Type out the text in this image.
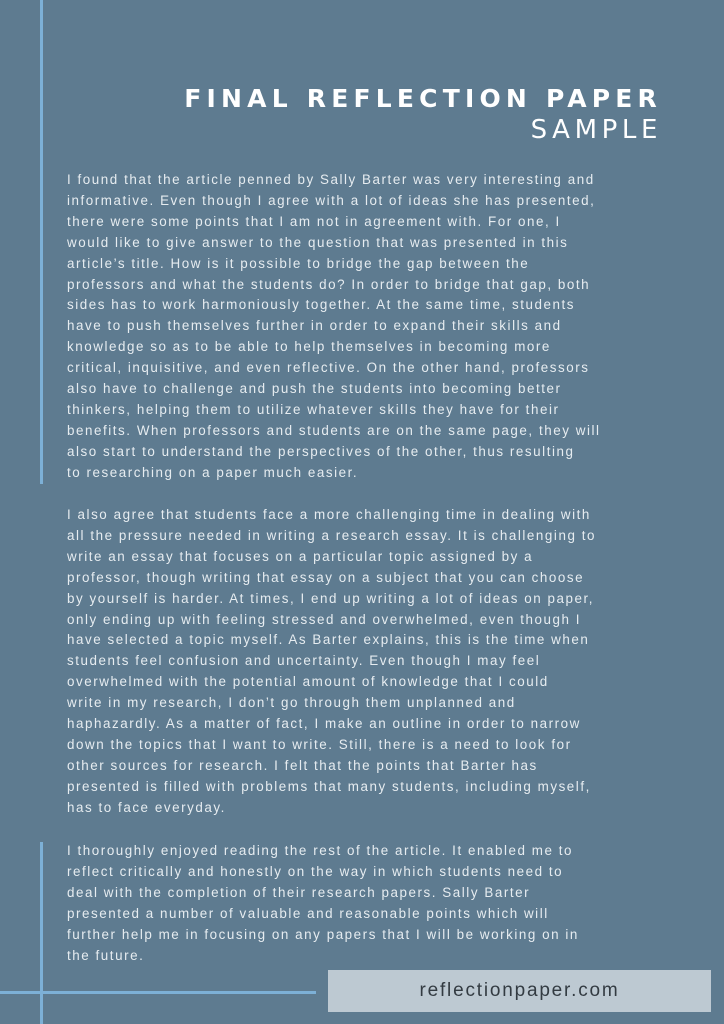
FINAL REFLECTION PAPER
SAMPLE
I found that the article penned by Sally Barter was very interesting and
informative. Even though I agree with a lot of ideas she has presented,
there were some points that I am not in agreement with. For one, I
would like to give answer to the question that was presented in this
article’s title. How is it possible to bridge the gap between the
professors and what the students do? In order to bridge that gap, both
sides has to work harmoniously together. At the same time, students
have to push themselves further in order to expand their skills and
knowledge so as to be able to help themselves in becoming more
critical, inquisitive, and even reflective. On the other hand, professors
also have to challenge and push the students into becoming better
thinkers, helping them to utilize whatever skills they have for their
benefits. When professors and students are on the same page, they will
also start to understand the perspectives of the other, thus resulting
to researching on a paper much easier.
I also agree that students face a more challenging time in dealing with
all the pressure needed in writing a research essay. It is challenging to
write an essay that focuses on a particular topic assigned by a
professor, though writing that essay on a subject that you can choose
by yourself is harder. At times, I end up writing a lot of ideas on paper,
only ending up with feeling stressed and overwhelmed, even though I
have selected a topic myself. As Barter explains, this is the time when
students feel confusion and uncertainty. Even though I may feel
overwhelmed with the potential amount of knowledge that I could
write in my research, I don’t go through them unplanned and
haphazardly. As a matter of fact, I make an outline in order to narrow
down the topics that I want to write. Still, there is a need to look for
other sources for research. I felt that the points that Barter has
presented is filled with problems that many students, including myself,
has to face everyday.
I thoroughly enjoyed reading the rest of the article. It enabled me to
reflect critically and honestly on the way in which students need to
deal with the completion of their research papers. Sally Barter
presented a number of valuable and reasonable points which will
further help me in focusing on any papers that I will be working on in
the future.
reflectionpaper.com
